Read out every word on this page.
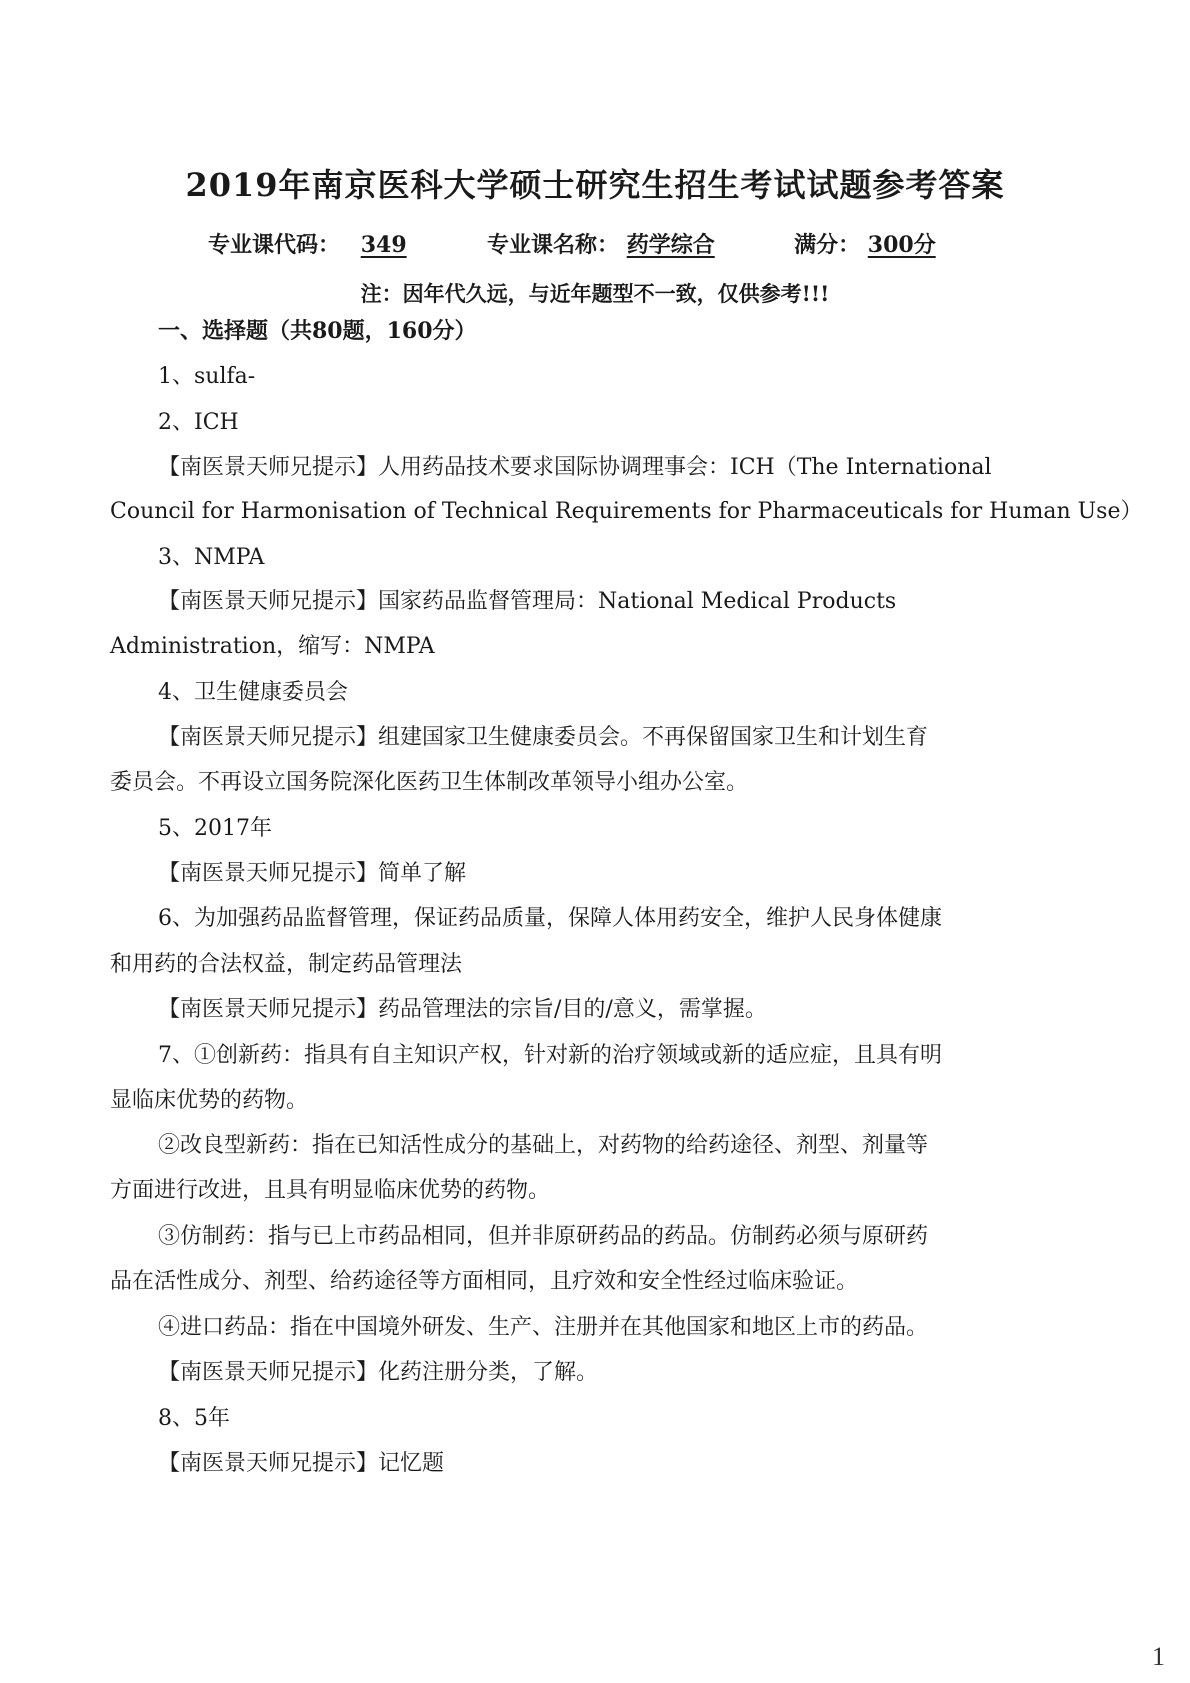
2019年南京医科大学硕士研究生招生考试试题参考答案
专业课代码： 349	专业课名称： 药学综合	满分： 300分
注：因年代久远，与近年题型不一致，仅供参考!!!
一、选择题（共80题，160分）
1、sulfa-
2、ICH
【南医景天师兄提示】人用药品技术要求国际协调理事会：ICH（The International
Council for Harmonisation of Technical Requirements for Pharmaceuticals for Human Use）
3、NMPA
【南医景天师兄提示】国家药品监督管理局：National Medical Products
Administration，缩写：NMPA
4、卫生健康委员会
【南医景天师兄提示】组建国家卫生健康委员会。不再保留国家卫生和计划生育
委员会。不再设立国务院深化医药卫生体制改革领导小组办公室。
5、2017年
【南医景天师兄提示】简单了解
6、为加强药品监督管理，保证药品质量，保障人体用药安全，维护人民身体健康
和用药的合法权益，制定药品管理法
【南医景天师兄提示】药品管理法的宗旨/目的/意义，需掌握。
7、①创新药：指具有自主知识产权，针对新的治疗领域或新的适应症，且具有明
显临床优势的药物。
②改良型新药：指在已知活性成分的基础上，对药物的给药途径、剂型、剂量等
方面进行改进，且具有明显临床优势的药物。
③仿制药：指与已上市药品相同，但并非原研药品的药品。仿制药必须与原研药
品在活性成分、剂型、给药途径等方面相同，且疗效和安全性经过临床验证。
④进口药品：指在中国境外研发、生产、注册并在其他国家和地区上市的药品。
【南医景天师兄提示】化药注册分类，了解。
8、5年
【南医景天师兄提示】记忆题
1
